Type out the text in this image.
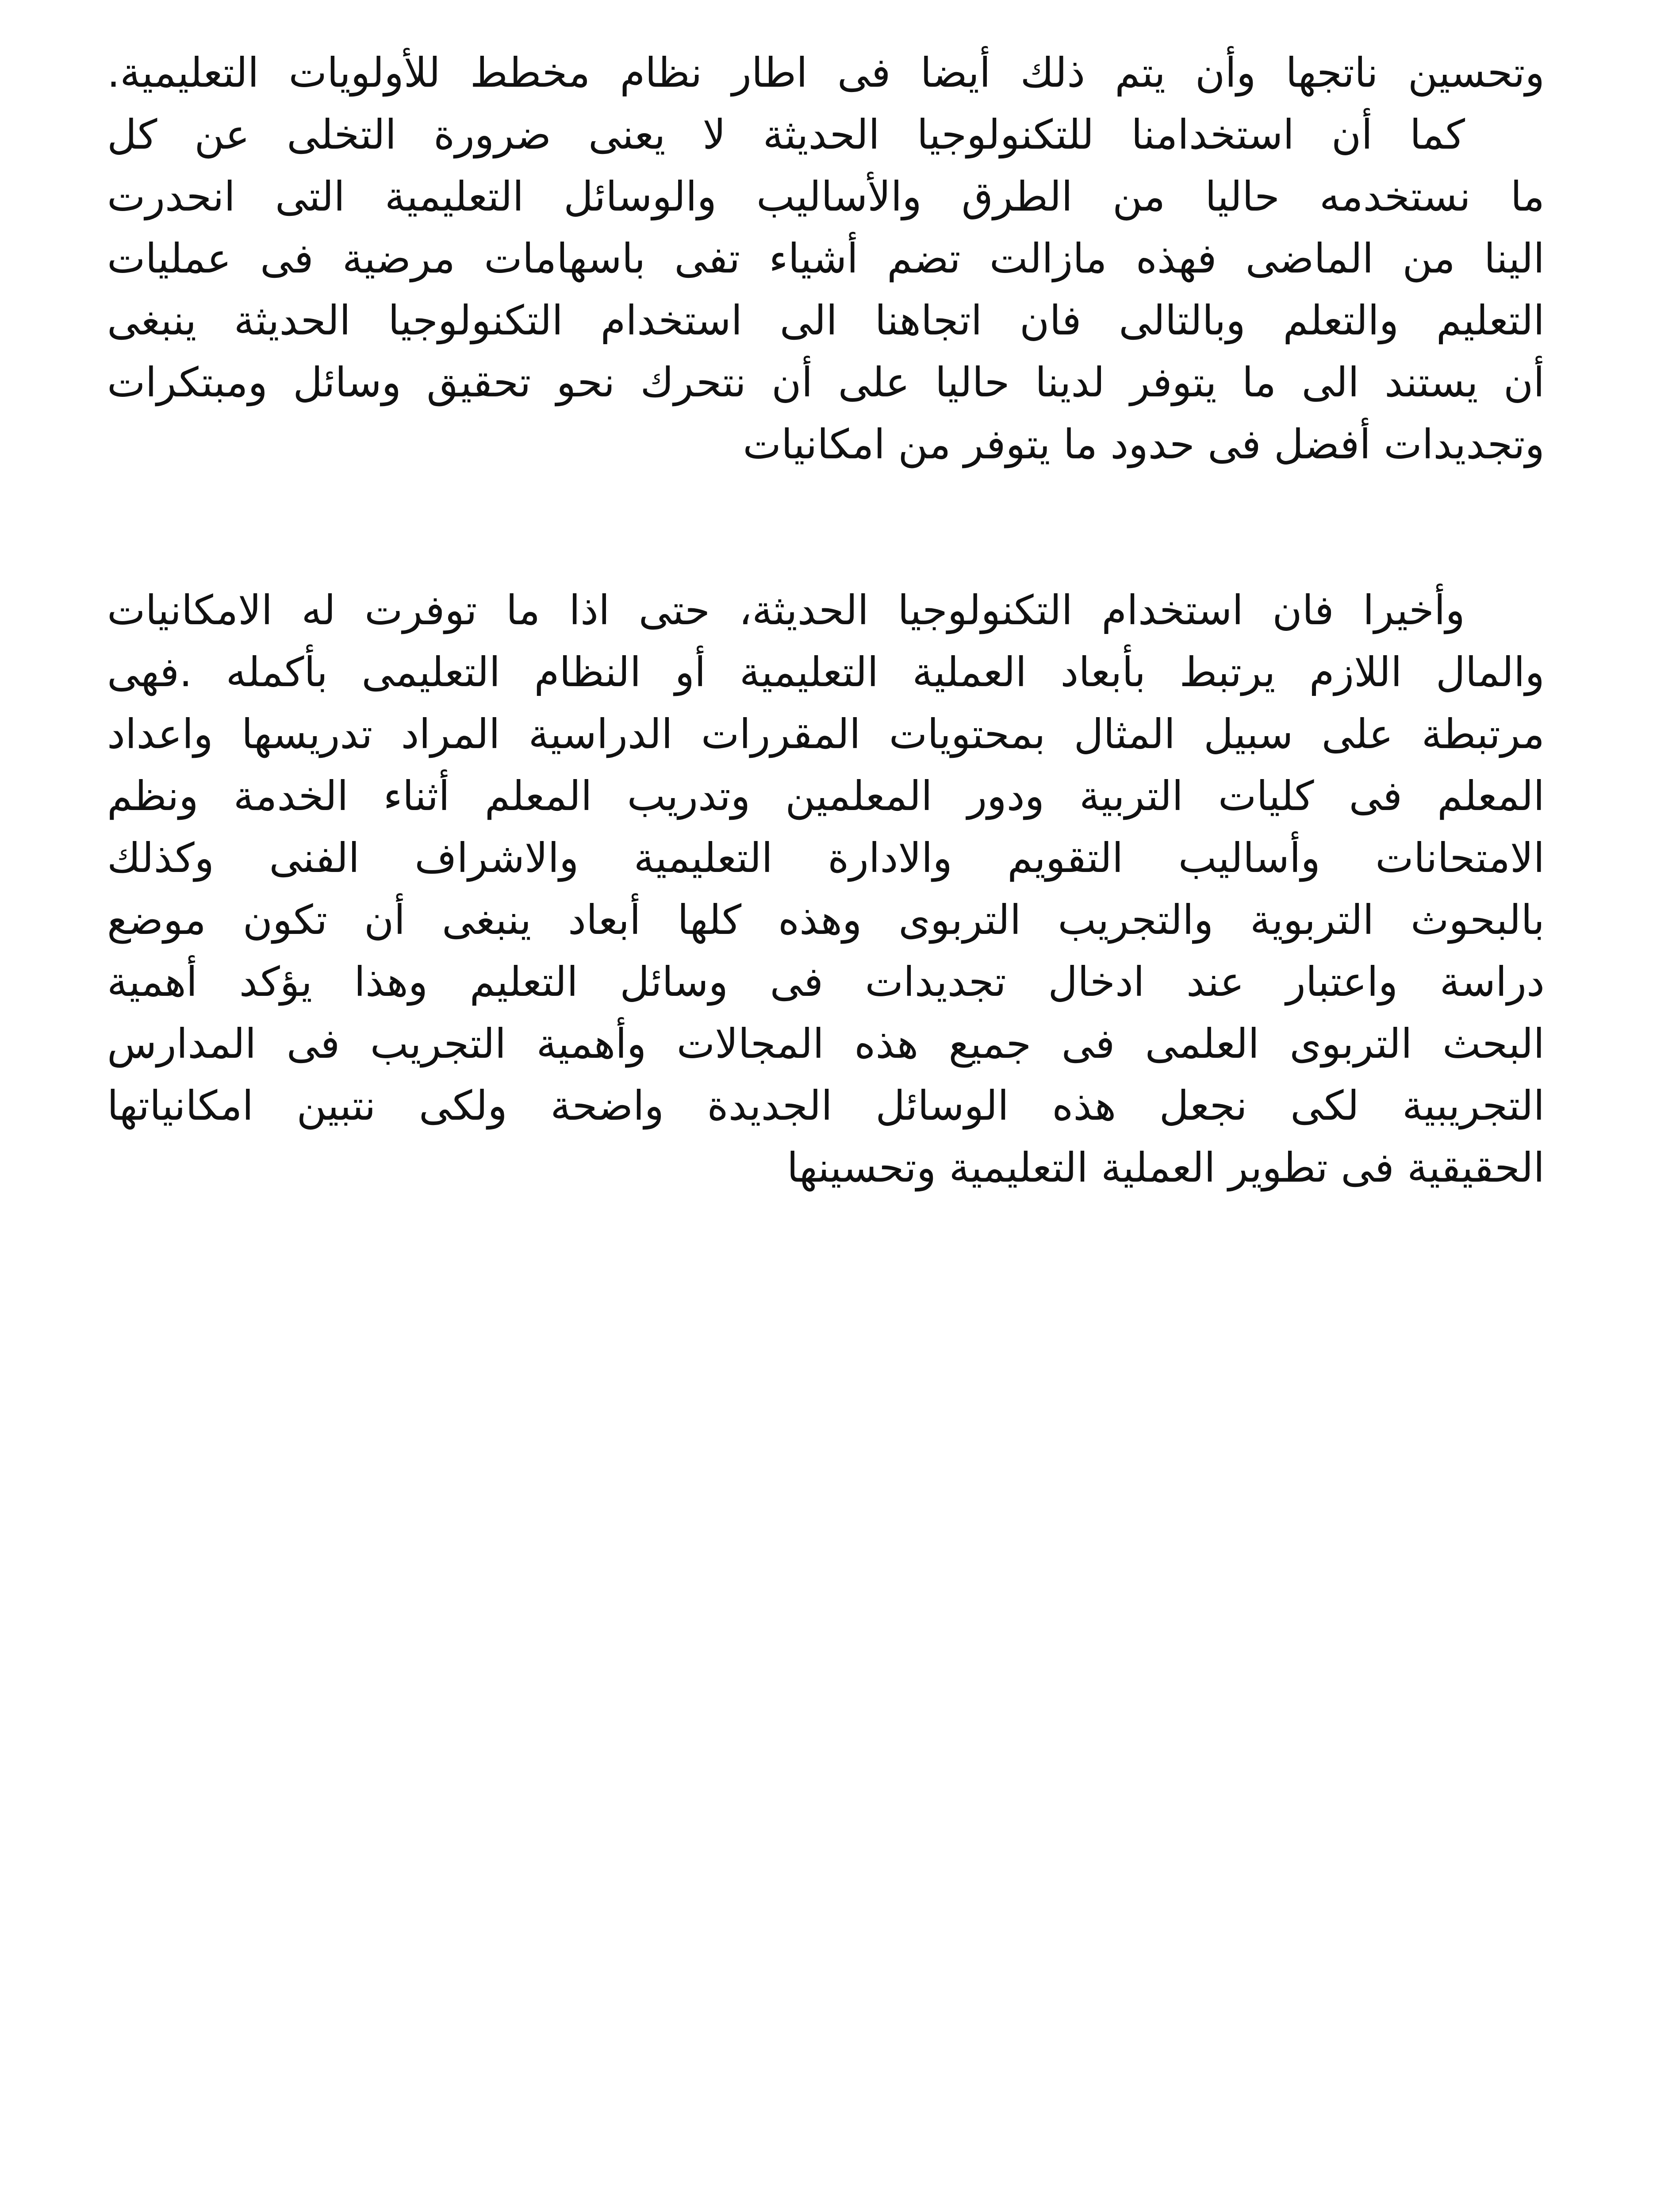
وتحسين ناتجها وأن يتم ذلك أيضا فى اطار نظام مخطط للأولويات التعليمية.
كما أن استخدامنا للتكنولوجيا الحديثة لا يعنى ضرورة التخلى عن كل
ما نستخدمه حاليا من الطرق والأساليب والوسائل التعليمية التى انحدرت
الينا من الماضى فهذه مازالت تضم أشياء تفى باسهامات مرضية فى عمليات
التعليم والتعلم وبالتالى فان اتجاهنا الى استخدام التكنولوجيا الحديثة ينبغى
أن يستند الى ما يتوفر لدينا حاليا على أن نتحرك نحو تحقيق وسائل ومبتكرات
وتجديدات أفضل فى حدود ما يتوفر من امكانيات
وأخيرا فان استخدام التكنولوجيا الحديثة، حتى اذا ما توفرت له الامكانيات
والمال اللازم يرتبط بأبعاد العملية التعليمية أو النظام التعليمى بأكمله .فهى
مرتبطة على سبيل المثال بمحتويات المقررات الدراسية المراد تدريسها واعداد
المعلم فى كليات التربية ودور المعلمين وتدريب المعلم أثناء الخدمة ونظم
الامتحانات وأساليب التقويم والادارة التعليمية والاشراف الفنى وكذلك
بالبحوث التربوية والتجريب التربوى وهذه كلها أبعاد ينبغى أن تكون موضع
دراسة واعتبار عند ادخال تجديدات فى وسائل التعليم وهذا يؤكد أهمية
البحث التربوى العلمى فى جميع هذه المجالات وأهمية التجريب فى المدارس
التجريبية لكى نجعل هذه الوسائل الجديدة واضحة ولكى نتبين امكانياتها
الحقيقية فى تطوير العملية التعليمية وتحسينها
